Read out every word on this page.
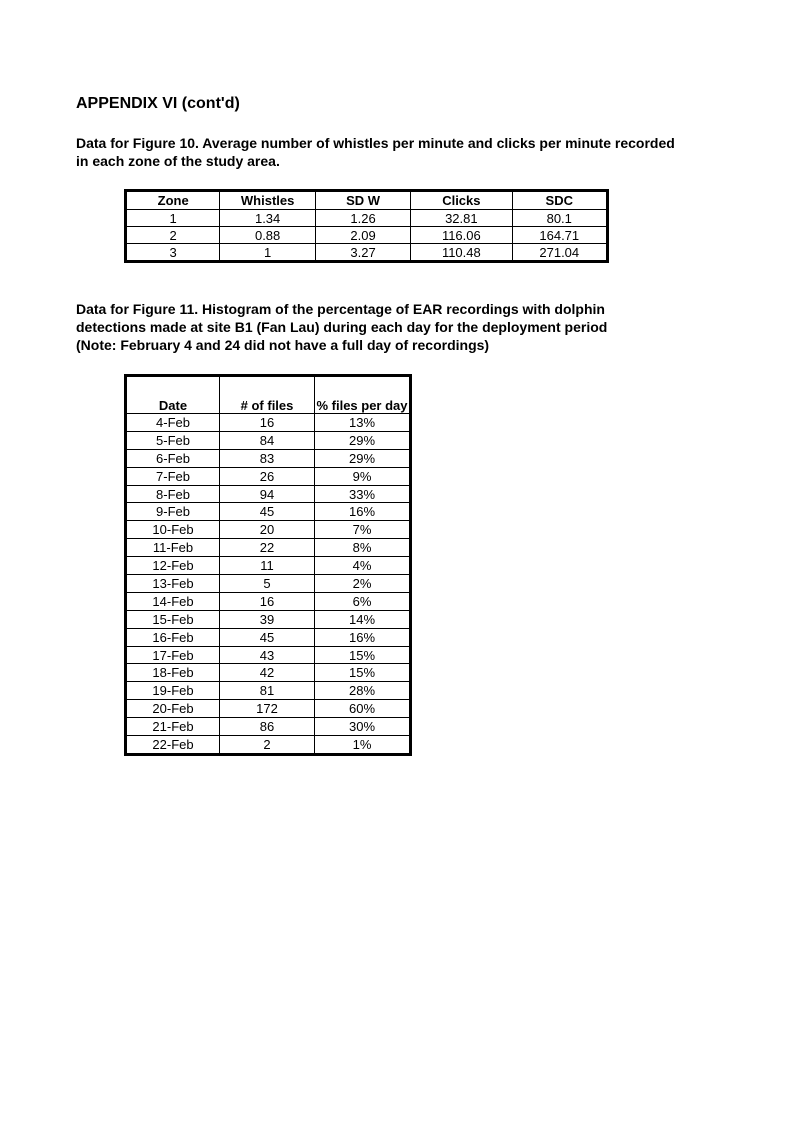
APPENDIX VI (cont'd)

Data for Figure 10. Average number of whistles per minute and clicks per minute recorded in each zone of the study area.

Zone	Whistles	SD W	Clicks	SDC
1	1.34	1.26	32.81	80.1
2	0.88	2.09	116.06	164.71
3	1	3.27	110.48	271.04

Data for Figure 11. Histogram of the percentage of EAR recordings with dolphin detections made at site B1 (Fan Lau) during each day for the deployment period
(Note: February 4 and 24 did not have a full day of recordings)

Date	# of files	% files per day
4-Feb	16	13%
5-Feb	84	29%
6-Feb	83	29%
7-Feb	26	9%
8-Feb	94	33%
9-Feb	45	16%
10-Feb	20	7%
11-Feb	22	8%
12-Feb	11	4%
13-Feb	5	2%
14-Feb	16	6%
15-Feb	39	14%
16-Feb	45	16%
17-Feb	43	15%
18-Feb	42	15%
19-Feb	81	28%
20-Feb	172	60%
21-Feb	86	30%
22-Feb	2	1%
